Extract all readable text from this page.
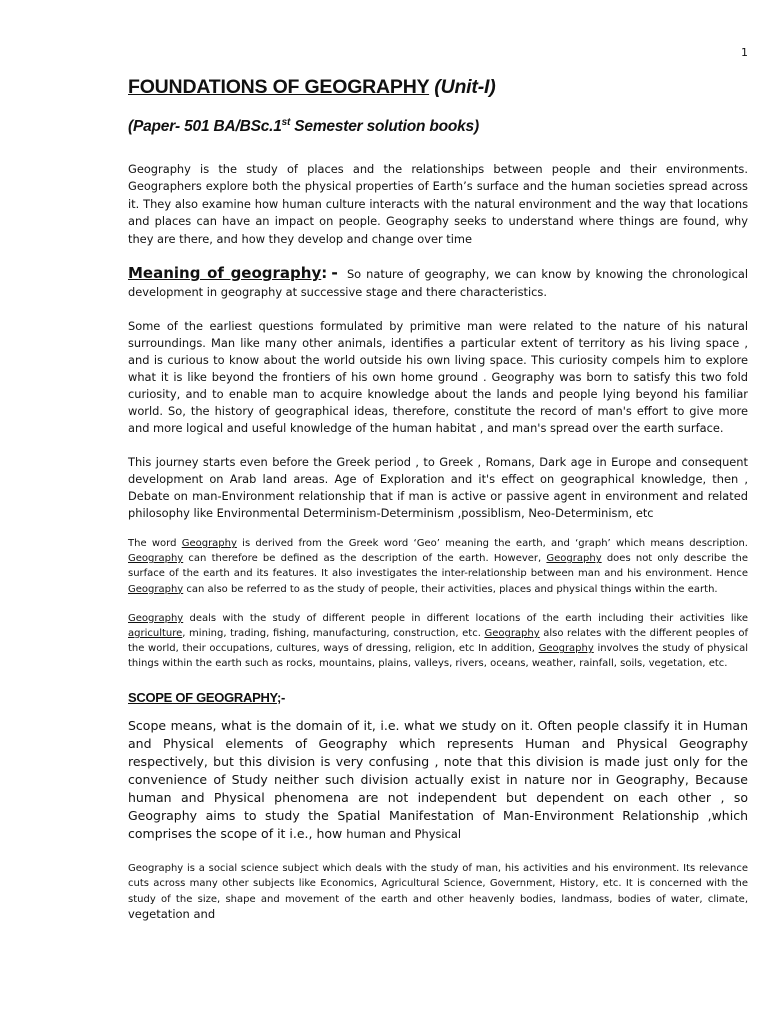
1
FOUNDATIONS OF GEOGRAPHY (Unit-I)
(Paper- 501 BA/BSc.1st Semester solution books)

Geography is the study of places and the relationships between people and their environments. Geographers explore both the physical properties of Earth’s surface and the human societies spread across it. They also examine how human culture interacts with the natural environment and the way that locations and places can have an impact on people. Geography seeks to understand where things are found, why they are there, and how they develop and change over time

Meaning of geography: - So nature of geography, we can know by knowing the chronological development in geography at successive stage and there characteristics.

Some of the earliest questions formulated by primitive man were related to the nature of his natural surroundings. Man like many other animals, identifies a particular extent of territory as his living space , and is curious to know about the world outside his own living space. This curiosity compels him to explore what it is like beyond the frontiers of his own home ground . Geography was born to satisfy this two fold curiosity, and to enable man to acquire knowledge about the lands and people lying beyond his familiar world. So, the history of geographical ideas, therefore, constitute the record of man's effort to give more and more logical and useful knowledge of the human habitat , and man's spread over the earth surface.

This journey starts even before the Greek period , to Greek , Romans, Dark age in Europe and consequent development on Arab land areas. Age of Exploration and it's effect on geographical knowledge, then , Debate on man-Environment relationship that if man is active or passive agent in environment and related philosophy like Environmental Determinism-Determinism ,possiblism, Neo-Determinism, etc

The word Geography is derived from the Greek word ‘Geo’ meaning the earth, and ‘graph’ which means description. Geography can therefore be defined as the description of the earth. However, Geography does not only describe the surface of the earth and its features. It also investigates the inter-relationship between man and his environment. Hence Geography can also be referred to as the study of people, their activities, places and physical things within the earth.

Geography deals with the study of different people in different locations of the earth including their activities like agriculture, mining, trading, fishing, manufacturing, construction, etc. Geography also relates with the different peoples of the world, their occupations, cultures, ways of dressing, religion, etc In addition, Geography involves the study of physical things within the earth such as rocks, mountains, plains, valleys, rivers, oceans, weather, rainfall, soils, vegetation, etc.

SCOPE OF GEOGRAPHY;-

Scope means, what is the domain of it, i.e. what we study on it. Often people classify it in Human and Physical elements of Geography which represents Human and Physical Geography respectively, but this division is very confusing , note that this division is made just only for the convenience of Study neither such division actually exist in nature nor in Geography, Because human and Physical phenomena are not independent but dependent on each other , so Geography aims to study the Spatial Manifestation of Man-Environment Relationship ,which comprises the scope of it i.e., how human and Physical

Geography is a social science subject which deals with the study of man, his activities and his environment. Its relevance cuts across many other subjects like Economics, Agricultural Science, Government, History, etc. It is concerned with the study of the size, shape and movement of the earth and other heavenly bodies, landmass, bodies of water, climate, vegetation and
